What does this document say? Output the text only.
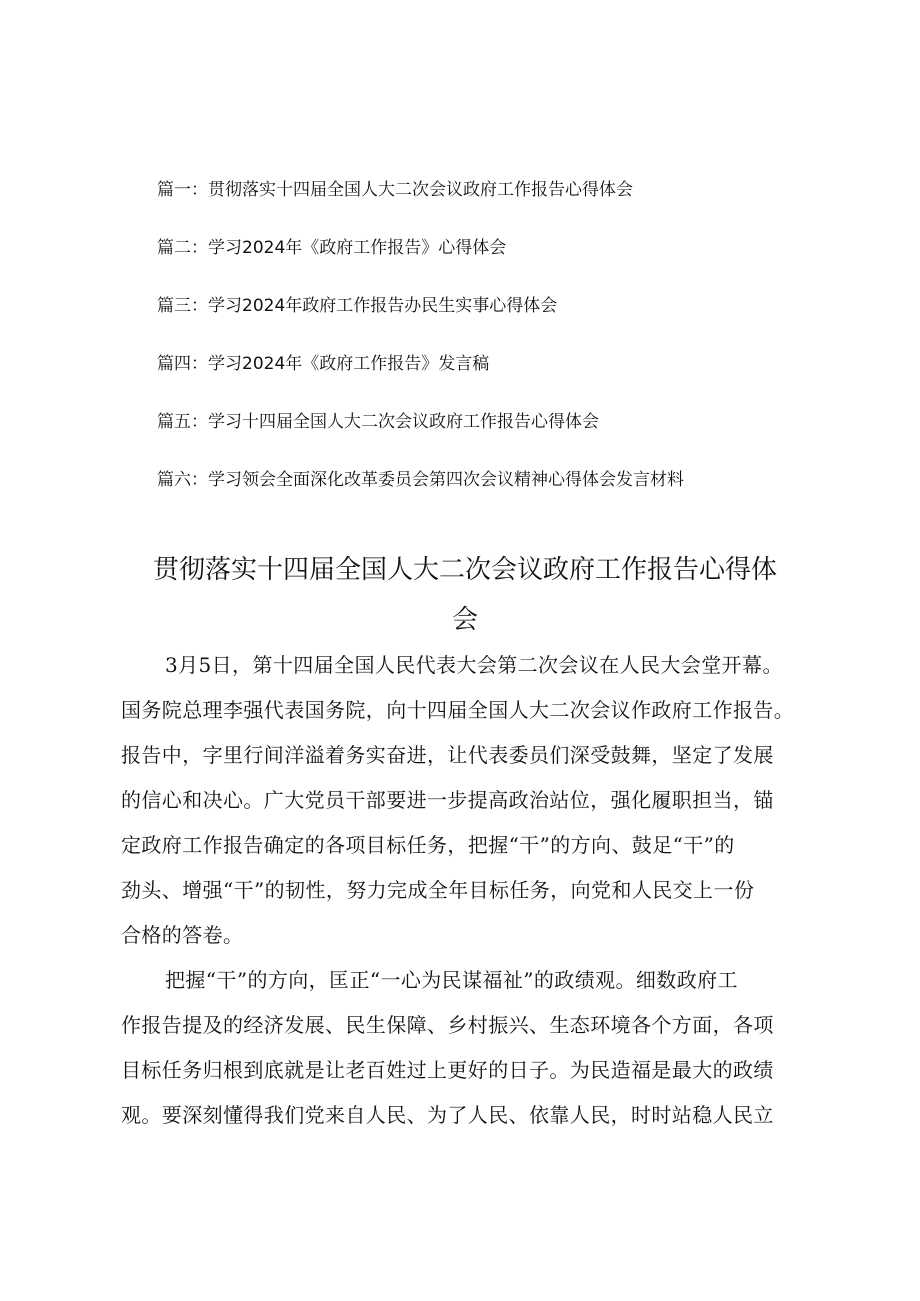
篇一：贯彻落实十四届全国人大二次会议政府工作报告心得体会
篇二：学习2024年《政府工作报告》心得体会
篇三：学习2024年政府工作报告办民生实事心得体会
篇四：学习2024年《政府工作报告》发言稿
篇五：学习十四届全国人大二次会议政府工作报告心得体会
篇六：学习领会全面深化改革委员会第四次会议精神心得体会发言材料
贯彻落实十四届全国人大二次会议政府工作报告心得体
会
3月5日，第十四届全国人民代表大会第二次会议在人民大会堂开幕。
国务院总理李强代表国务院，向十四届全国人大二次会议作政府工作报告。
报告中，字里行间洋溢着务实奋进，让代表委员们深受鼓舞，坚定了发展
的信心和决心。广大党员干部要进一步提高政治站位，强化履职担当，锚
定政府工作报告确定的各项目标任务，把握“干”的方向、鼓足“干”的
劲头、增强“干”的韧性，努力完成全年目标任务，向党和人民交上一份
合格的答卷。
把握“干”的方向，匡正“一心为民谋福祉”的政绩观。细数政府工
作报告提及的经济发展、民生保障、乡村振兴、生态环境各个方面，各项
目标任务归根到底就是让老百姓过上更好的日子。为民造福是最大的政绩
观。要深刻懂得我们党来自人民、为了人民、依靠人民，时时站稳人民立
